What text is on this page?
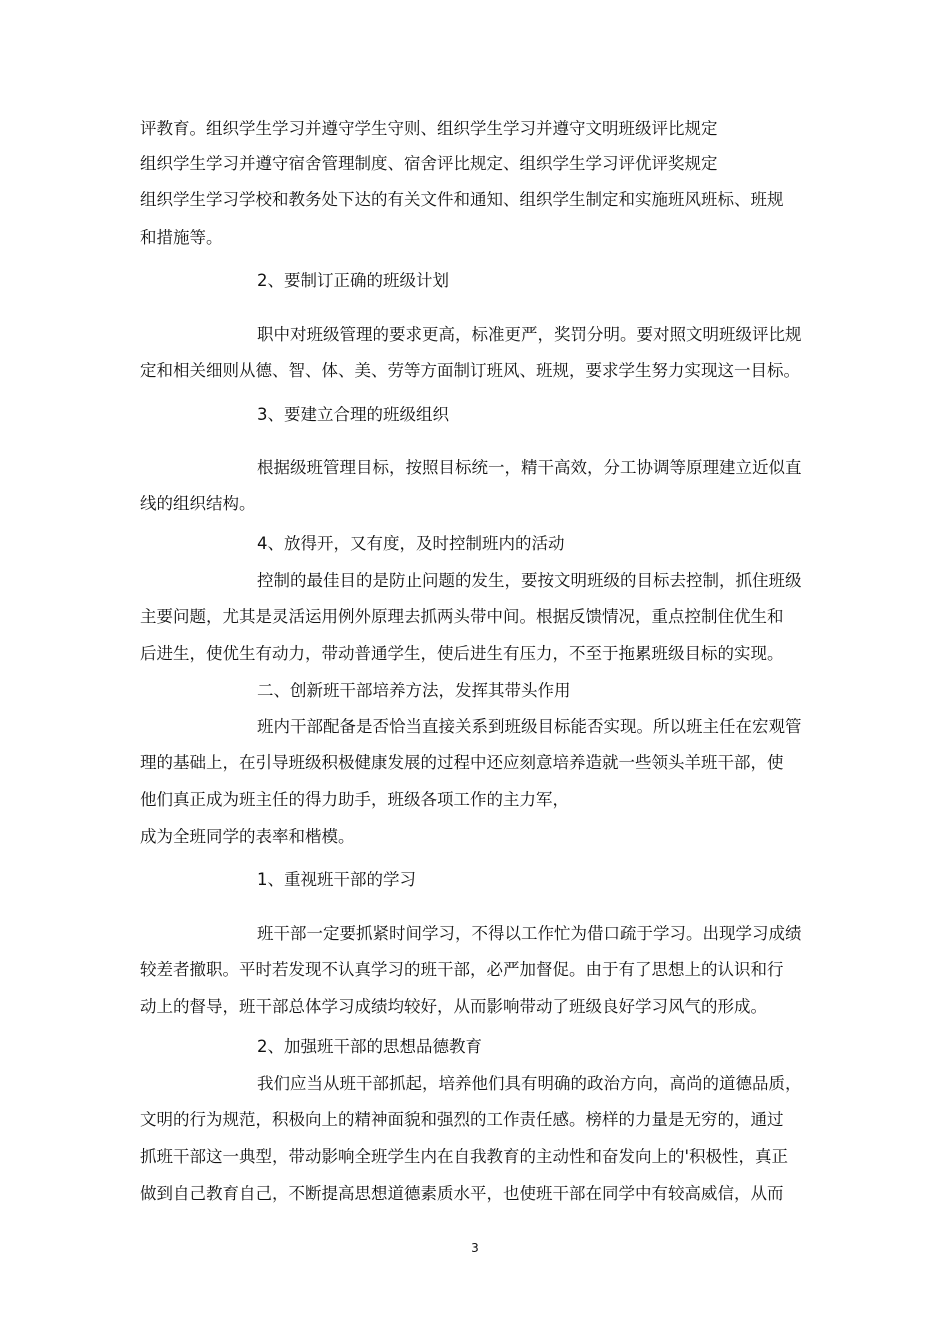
评教育。组织学生学习并遵守学生守则、组织学生学习并遵守文明班级评比规定
组织学生学习并遵守宿舍管理制度、宿舍评比规定、组织学生学习评优评奖规定
组织学生学习学校和教务处下达的有关文件和通知、组织学生制定和实施班风班标、班规
和措施等。
2、要制订正确的班级计划
职中对班级管理的要求更高，标准更严，奖罚分明。要对照文明班级评比规
定和相关细则从德、智、体、美、劳等方面制订班风、班规，要求学生努力实现这一目标。
3、要建立合理的班级组织
根据级班管理目标，按照目标统一，精干高效，分工协调等原理建立近似直
线的组织结构。
4、放得开，又有度，及时控制班内的活动
控制的最佳目的是防止问题的发生，要按文明班级的目标去控制，抓住班级
主要问题，尤其是灵活运用例外原理去抓两头带中间。根据反馈情况，重点控制住优生和
后进生，使优生有动力，带动普通学生，使后进生有压力，不至于拖累班级目标的实现。
二、创新班干部培养方法，发挥其带头作用
班内干部配备是否恰当直接关系到班级目标能否实现。所以班主任在宏观管
理的基础上，在引导班级积极健康发展的过程中还应刻意培养造就一些领头羊班干部，使
他们真正成为班主任的得力助手，班级各项工作的主力军，
成为全班同学的表率和楷模。
1、重视班干部的学习
班干部一定要抓紧时间学习，不得以工作忙为借口疏于学习。出现学习成绩
较差者撤职。平时若发现不认真学习的班干部，必严加督促。由于有了思想上的认识和行
动上的督导，班干部总体学习成绩均较好，从而影响带动了班级良好学习风气的形成。
2、加强班干部的思想品德教育
我们应当从班干部抓起，培养他们具有明确的政治方向，高尚的道德品质，
文明的行为规范，积极向上的精神面貌和强烈的工作责任感。榜样的力量是无穷的，通过
抓班干部这一典型，带动影响全班学生内在自我教育的主动性和奋发向上的'积极性，真正
做到自己教育自己，不断提高思想道德素质水平，也使班干部在同学中有较高威信，从而
3
